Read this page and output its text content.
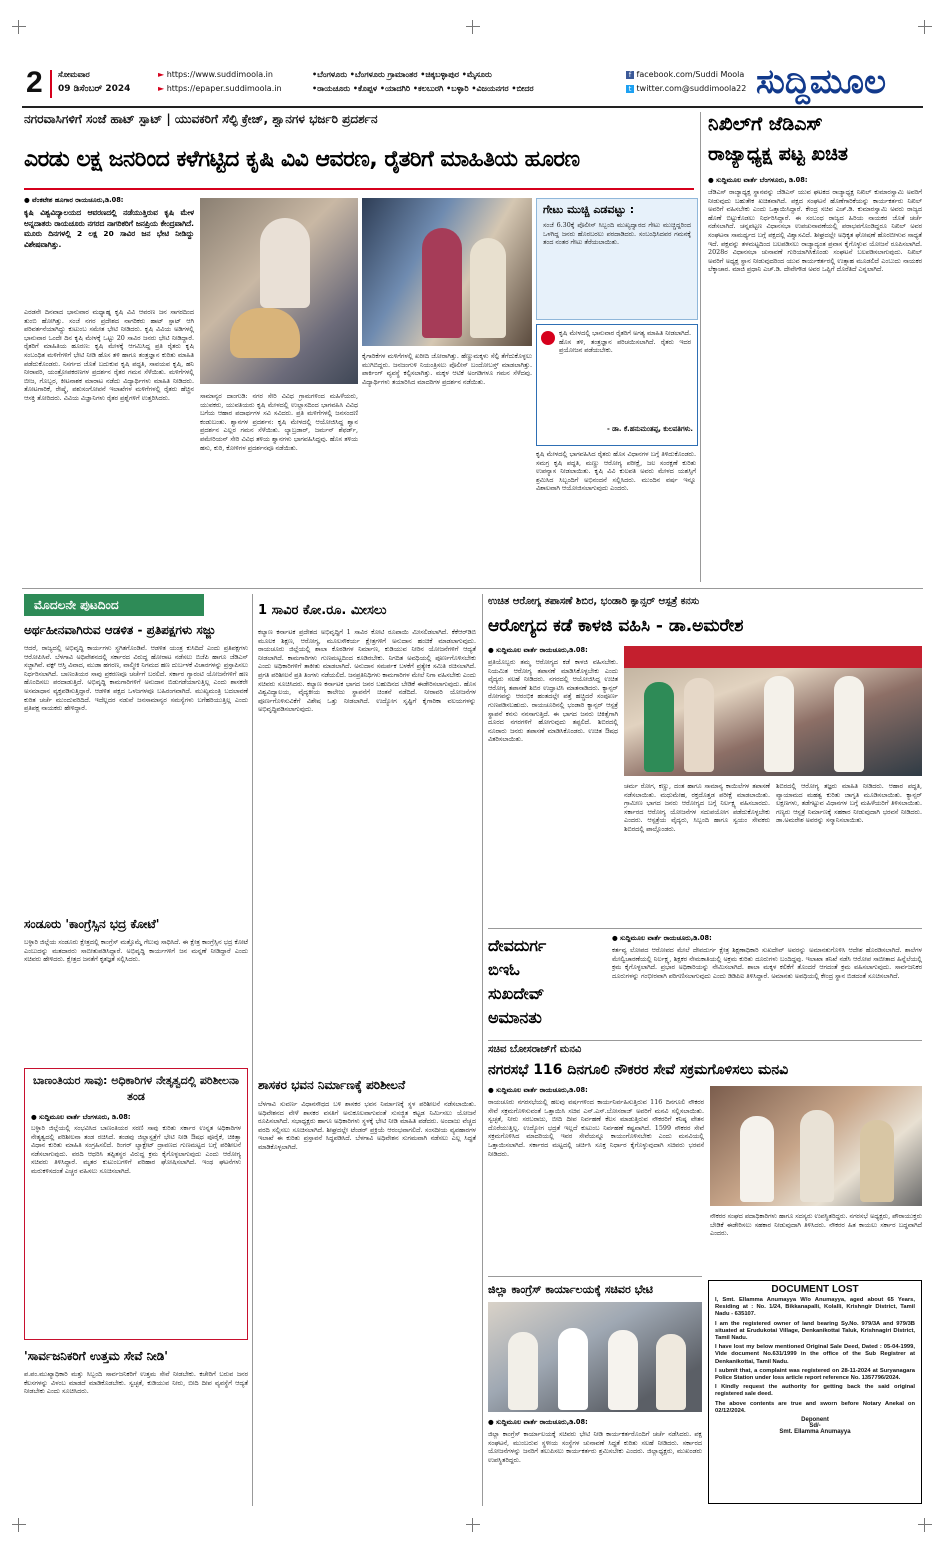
2 ಸೋಮವಾರ
09 ಡಿಸೆಂಬರ್ 2024
► https://www.suddimoola.in
► https://epaper.suddimoola.in
•ಬೆಂಗಳೂರು •ಬೆಂಗಳೂರು ಗ್ರಾಮಾಂತರ •ಚಿಕ್ಕಬಳ್ಳಾಪುರ •ಮೈಸೂರು
•ರಾಯಚೂರು •ಕೊಪ್ಪಳ •ಯಾದಗಿರಿ •ಕಲಬುರಗಿ •ಬಳ್ಳಾರಿ •ವಿಜಯನಗರ •ಬೀದರ
f facebook.com/Suddi Moola
t twitter.com@suddimoola22 ಸುದ್ದಿಮೂಲ
ನಗರವಾಸಿಗಳಿಗೆ ಸಂಜೆ ಹಾಟ್ ಸ್ಪಾಟ್ | ಯುವಕರಿಗೆ ಸೆಲ್ಫಿ ಕ್ರೇಜ್, ಶ್ವಾನಗಳ ಭರ್ಜರಿ ಪ್ರದರ್ಶನ
ಎರಡು ಲಕ್ಷ ಜನರಿಂದ ಕಳೆಗಟ್ಟಿದ ಕೃಷಿ ವಿವಿ ಆವರಣ, ರೈತರಿಗೆ ಮಾಹಿತಿಯ ಹೂರಣ
● ವೆಂಕಟೇಶ ಹೂಗಾರ ರಾಯಚೂರು,ಡಿ.08:
ಕೃಷಿ ವಿಶ್ವವಿದ್ಯಾಲಯದ ಆವರಣದಲ್ಲಿ ನಡೆಯುತ್ತಿರುವ ಕೃಷಿ ಮೇಳ ಅನ್ನದಾತರು ರಾಯಚೂರು ನಗರದ ನಾಗರಿಕರಿಗೆ ಜನಪ್ರಿಯ ಕೇಂದ್ರವಾಗಿದೆ. ಮೂರು ದಿನಗಳಲ್ಲಿ 2 ಲಕ್ಷ 20 ಸಾವಿರ ಜನ ಭೇಟಿ ನೀಡಿದ್ದು ವಿಶೇಷವಾಗಿತ್ತು.
ಎರಡನೇ ದಿನವಾದ ಭಾನುವಾರ ಮಧ್ಯಾಹ್ನ ಕೃಷಿ ವಿವಿ ಆವರಣ ಜನ ಸಾಗರದಿಂದ ತುಂಬಿ ಹೋಗಿತ್ತು. ಸಂಜೆ ನಗರ ಪ್ರದೇಶದ ನಾಗರಿಕರು ಹಾಟ್ ಸ್ಪಾಟ್ ಆಗಿ ಪರಿವರ್ತನೆಯಾಗಿದ್ದು ಕುಟುಂಬ ಸಮೇತ ಭೇಟಿ ನೀಡಿದರು. ಕೃಷಿ ವಿವಿಯ ಅಡಿಗಳಲ್ಲಿ ಭಾನುವಾರ ಒಂದೇ ದಿನ ಕೃಷಿ ಮೇಳಕ್ಕೆ ಒಟ್ಟು 20 ಸಾವಿರ ಜನರು ಭೇಟಿ ನೀಡಿದ್ದಾರೆ. ರೈತರಿಗೆ ಮಾಹಿತಿಯ ಹೂರಣ: ಕೃಷಿ ಮೇಳಕ್ಕೆ ಆಗಮಿಸಿದ್ದ ಪ್ರತಿ ರೈತರು ಕೃಷಿ ಸಂಬಂಧಿತ ಮಳಿಗೆಗಳಿಗೆ ಭೇಟಿ ನೀಡಿ ಹೊಸ ತಳಿ ಹಾಗೂ ತಂತ್ರಜ್ಞಾನ ಕುರಿತು ಮಾಹಿತಿ ಪಡೆದುಕೊಂಡರು. ನಿಸರ್ಗದ ಜೊತೆ ಬದುಕುವ ಕೃಷಿ ಪದ್ಧತಿ, ಸಾವಯವ ಕೃಷಿ, ಹನಿ ನೀರಾವರಿ, ಯಂತ್ರೋಪಕರಣಗಳ ಪ್ರದರ್ಶನ ರೈತರ ಗಮನ ಸೆಳೆಯಿತು. ಮಳಿಗೆಗಳಲ್ಲಿ ಬೀಜ, ಗೊಬ್ಬರ, ಕೀಟನಾಶಕ ಮಾರಾಟ ನಡೆದು ವಿದ್ಯಾರ್ಥಿಗಳು ಮಾಹಿತಿ ನೀಡಿದರು. ತೋಟಗಾರಿಕೆ, ರೇಷ್ಮೆ, ಪಶುಸಂಗೋಪನೆ ಇಲಾಖೆಗಳ ಮಳಿಗೆಗಳಲ್ಲಿ ರೈತರು ಹೆಚ್ಚಿನ ಆಸಕ್ತಿ ತೋರಿದರು. ವಿವಿಯ ವಿಜ್ಞಾನಿಗಳು ರೈತರ ಪ್ರಶ್ನೆಗಳಿಗೆ ಉತ್ತರಿಸಿದರು.	ಸಾಮಾನ್ಯರ ದಾಂಗುಡಿ: ನಗರ ಸೇರಿ ವಿವಿಧ ಗ್ರಾಮಗಳಿಂದ ಮಹಿಳೆಯರು, ಯುವಕರು, ಯುವತಿಯರು ಕೃಷಿ ಮೇಳದಲ್ಲಿ ಉಲ್ಲಾಸದಿಂದ ಭಾಗವಹಿಸಿ ವಿವಿಧ ಬಗೆಯ ಆಹಾರ ಪದಾರ್ಥಗಳ ಸವಿ ಸವಿದರು. ಪ್ರತಿ ಮಳಿಗೆಗಳಲ್ಲಿ ಜನಸಂದಣಿ ಕಂಡುಬಂತು. ಶ್ವಾನಗಳ ಪ್ರದರ್ಶನ: ಕೃಷಿ ಮೇಳದಲ್ಲಿ ಆಯೋಜಿಸಿದ್ದ ಶ್ವಾನ ಪ್ರದರ್ಶನ ಎಲ್ಲರ ಗಮನ ಸೆಳೆಯಿತು. ಲ್ಯಾಬ್ರಡಾರ್, ಜರ್ಮನ್ ಶೆಫರ್ಡ್, ಪಮೇರಿಯನ್ ಸೇರಿ ವಿವಿಧ ತಳಿಯ ಶ್ವಾನಗಳು ಭಾಗವಹಿಸಿದ್ದವು. ಹೊಸ ತಳಿಯ ಹಸು, ಕುರಿ, ಕೋಳಿಗಳ ಪ್ರದರ್ಶನವೂ ನಡೆಯಿತು.
ಕೈಗಾರಿಕೆಗಳ ಮಳಿಗೆಗಳಲ್ಲಿ ಖರೀದಿ ಜೋರಾಗಿತ್ತು. ಹೆಣ್ಣುಮಕ್ಕಳು ಸೆಲ್ಫಿ ತೆಗೆದುಕೊಳ್ಳಲು ಮುಗಿಬಿದ್ದರು. ಜನಜಂಗುಳಿ ನಿಯಂತ್ರಿಸಲು ಪೊಲೀಸ್ ಬಂದೋಬಸ್ತ್ ಮಾಡಲಾಗಿತ್ತು. ಪಾರ್ಕಿಂಗ್ ವ್ಯವಸ್ಥೆ ಕಲ್ಪಿಸಲಾಗಿತ್ತು. ಮಕ್ಕಳ ಆಟಿಕೆ ಅಂಗಡಿಗಳೂ ಗಮನ ಸೆಳೆದವು. ವಿದ್ಯಾರ್ಥಿಗಳು ತಯಾರಿಸಿದ ಮಾದರಿಗಳ ಪ್ರದರ್ಶನ ನಡೆಯಿತು.
ಗೇಟು ಮುಚ್ಚಿ ಎಡವಟ್ಟು :
ಸಂಜೆ 6.30ಕ್ಕೆ ಪೊಲೀಸ್ ಸಿಬ್ಬಂದಿ ಮುಖ್ಯದ್ವಾರದ ಗೇಟು ಮುಚ್ಚಿದ್ದರಿಂದ ಒಳಗಿದ್ದ ಜನರು ಹೊರಬರಲು ಪರದಾಡಿದರು. ಸಂಬಂಧಿಸಿದವರ ಗಮನಕ್ಕೆ ತಂದ ನಂತರ ಗೇಟು ತೆರೆಯಲಾಯಿತು.
ಕೃಷಿ ಮೇಳದಲ್ಲಿ ಭಾನುವಾರ ರೈತರಿಗೆ ಅಗತ್ಯ ಮಾಹಿತಿ ನೀಡಲಾಗಿದೆ. ಹೊಸ ತಳಿ, ತಂತ್ರಜ್ಞಾನ ಪರಿಚಯಿಸಲಾಗಿದೆ. ರೈತರು ಇದರ ಪ್ರಯೋಜನ ಪಡೆಯಬೇಕು.
- ಡಾ. ಕೆ.ಹನುಮಂತಪ್ಪ, ಕುಲಪತಿಗಳು.
ಕೃಷಿ ಮೇಳದಲ್ಲಿ ಭಾಗವಹಿಸಿದ ರೈತರು ಹೊಸ ವಿಧಾನಗಳ ಬಗ್ಗೆ ತಿಳಿದುಕೊಂಡರು. ಸಮಗ್ರ ಕೃಷಿ ಪದ್ಧತಿ, ಮಣ್ಣು ಆರೋಗ್ಯ ಪರೀಕ್ಷೆ, ಜಲ ಸಂರಕ್ಷಣೆ ಕುರಿತು ಉಪನ್ಯಾಸ ನೀಡಲಾಯಿತು. ಕೃಷಿ ವಿವಿ ಕುಲಪತಿ ಅವರು ಮೇಳದ ಯಶಸ್ಸಿಗೆ ಶ್ರಮಿಸಿದ ಸಿಬ್ಬಂದಿಗೆ ಅಭಿನಂದನೆ ಸಲ್ಲಿಸಿದರು. ಮುಂದಿನ ವರ್ಷ ಇನ್ನೂ ವಿಶಾಲವಾಗಿ ಆಯೋಜಿಸಲಾಗುವುದು ಎಂದರು.
ನಿಖಿಲ್‌ಗೆ ಜೆಡಿಎಸ್
ರಾಜ್ಯಾಧ್ಯಕ್ಷ ಪಟ್ಟ ಖಚಿತ
● ಸುದ್ದಿಮೂಲ ವಾರ್ತೆ ಬೆಂಗಳೂರು, ಡಿ.08:
ಜೆಡಿಎಸ್ ರಾಜ್ಯಾಧ್ಯಕ್ಷ ಸ್ಥಾನವನ್ನು ಜೆಡಿಎಸ್ ಯುವ ಘಟಕದ ರಾಜ್ಯಾಧ್ಯಕ್ಷ ನಿಖಿಲ್ ಕುಮಾರಸ್ವಾಮಿ ಅವರಿಗೆ ನೀಡುವುದು ಬಹುತೇಕ ಖಚಿತವಾಗಿದೆ. ಪಕ್ಷದ ಸಂಘಟನೆ ಹೊಣೆಗಾರಿಕೆಯನ್ನು ಕಾರ್ಯಕರ್ತರು ನಿಖಿಲ್ ಅವರಿಗೆ ವಹಿಸಬೇಕು ಎಂದು ಒತ್ತಾಯಿಸಿದ್ದಾರೆ. ಕೇಂದ್ರ ಸಚಿವ ಎಚ್.ಡಿ. ಕುಮಾರಸ್ವಾಮಿ ಅವರು ರಾಜ್ಯದ ಹೊಣೆ ಬಿಟ್ಟುಕೊಡಲು ನಿರ್ಧರಿಸಿದ್ದಾರೆ. ಈ ಸಂಬಂಧ ರಾಜ್ಯದ ಹಿರಿಯ ನಾಯಕರ ಜೊತೆ ಚರ್ಚೆ ನಡೆಸಲಾಗಿದೆ. ಚನ್ನಪಟ್ಟಣ ವಿಧಾನಸಭಾ ಉಪಚುನಾವಣೆಯಲ್ಲಿ ಪರಾಭವಗೊಂಡಿದ್ದರೂ ನಿಖಿಲ್ ಅವರ ಸಂಘಟನಾ ಸಾಮರ್ಥ್ಯದ ಬಗ್ಗೆ ಪಕ್ಷದಲ್ಲಿ ವಿಶ್ವಾಸವಿದೆ. ಶೀಘ್ರದಲ್ಲೇ ಅಧಿಕೃತ ಘೋಷಣೆ ಹೊರಬೀಳುವ ಸಾಧ್ಯತೆ ಇದೆ. ಪಕ್ಷವನ್ನು ತಳಮಟ್ಟದಿಂದ ಬಲಪಡಿಸಲು ರಾಜ್ಯಾದ್ಯಂತ ಪ್ರವಾಸ ಕೈಗೊಳ್ಳುವ ಯೋಜನೆ ರೂಪಿಸಲಾಗಿದೆ. 2028ರ ವಿಧಾನಸಭಾ ಚುನಾವಣೆ ಗುರಿಯಾಗಿಸಿಕೊಂಡು ಸಂಘಟನೆ ಬಲಪಡಿಸಲಾಗುವುದು. ನಿಖಿಲ್ ಅವರಿಗೆ ಅಧ್ಯಕ್ಷ ಸ್ಥಾನ ನೀಡುವುದರಿಂದ ಯುವ ಕಾರ್ಯಕರ್ತರಲ್ಲಿ ಉತ್ಸಾಹ ಮೂಡಲಿದೆ ಎಂಬುದು ನಾಯಕರ ಲೆಕ್ಕಾಚಾರ. ಮಾಜಿ ಪ್ರಧಾನಿ ಎಚ್.ಡಿ. ದೇವೇಗೌಡ ಅವರ ಒಪ್ಪಿಗೆ ದೊರೆತಿದೆ ಎನ್ನಲಾಗಿದೆ.
ಮೊದಲನೇ ಪುಟದಿಂದ
ಅರ್ಥಹೀನವಾಗಿರುವ ಆಡಳಿತ - ಪ್ರತಿಪಕ್ಷಗಳು ಸಜ್ಜು
ಆದರೆ, ರಾಜ್ಯದಲ್ಲಿ ಅಭಿವೃದ್ಧಿ ಕಾರ್ಯಗಳು ಸ್ಥಗಿತಗೊಂಡಿವೆ. ಆಡಳಿತ ಯಂತ್ರ ಕುಸಿದಿದೆ ಎಂದು ಪ್ರತಿಪಕ್ಷಗಳು ಆರೋಪಿಸಿವೆ. ಬೆಳಗಾವಿ ಅಧಿವೇಶನದಲ್ಲಿ ಸರ್ಕಾರದ ವಿರುದ್ಧ ಹೋರಾಟ ನಡೆಸಲು ಬಿಜೆಪಿ ಹಾಗೂ ಜೆಡಿಎಸ್ ಸಜ್ಜಾಗಿವೆ. ವಕ್ಫ್ ಆಸ್ತಿ ವಿವಾದ, ಮುಡಾ ಹಗರಣ, ವಾಲ್ಮೀಕಿ ನಿಗಮದ ಹಣ ದುರ್ಬಳಕೆ ವಿಚಾರಗಳನ್ನು ಪ್ರಸ್ತಾಪಿಸಲು ನಿರ್ಧರಿಸಲಾಗಿದೆ. ಬಾಣಂತಿಯರ ಸಾವು ಪ್ರಕರಣವೂ ಚರ್ಚೆಗೆ ಬರಲಿದೆ. ಸರ್ಕಾರ ಗ್ಯಾರಂಟಿ ಯೋಜನೆಗಳಿಗೆ ಹಣ ಹೊಂದಿಸಲು ಪರದಾಡುತ್ತಿದೆ. ಅಭಿವೃದ್ಧಿ ಕಾಮಗಾರಿಗಳಿಗೆ ಅನುದಾನ ಬಿಡುಗಡೆಯಾಗುತ್ತಿಲ್ಲ ಎಂದು ಶಾಸಕರೇ ಅಸಮಾಧಾನ ವ್ಯಕ್ತಪಡಿಸುತ್ತಿದ್ದಾರೆ. ಆಡಳಿತ ಪಕ್ಷದ ಒಳಜಗಳವೂ ಬಹಿರಂಗವಾಗಿದೆ. ಮುಖ್ಯಮಂತ್ರಿ ಬದಲಾವಣೆ ಕುರಿತ ಚರ್ಚೆ ಮುಂದುವರಿದಿದೆ. ಇದೆಲ್ಲದರ ನಡುವೆ ಜನಸಾಮಾನ್ಯರ ಸಮಸ್ಯೆಗಳು ಬಗೆಹರಿಯುತ್ತಿಲ್ಲ ಎಂದು ಪ್ರತಿಪಕ್ಷ ನಾಯಕರು ಹೇಳಿದ್ದಾರೆ.
ಸಂಡೂರು 'ಕಾಂಗ್ರೆಸ್ಸಿನ ಭದ್ರ ಕೋಟೆ'
ಬಳ್ಳಾರಿ ಜಿಲ್ಲೆಯ ಸಂಡೂರು ಕ್ಷೇತ್ರದಲ್ಲಿ ಕಾಂಗ್ರೆಸ್ ಮತ್ತೊಮ್ಮೆ ಗೆಲುವು ಸಾಧಿಸಿದೆ. ಈ ಕ್ಷೇತ್ರ ಕಾಂಗ್ರೆಸ್ಸಿನ ಭದ್ರ ಕೋಟೆ ಎಂಬುದನ್ನು ಮತದಾರರು ಸಾಬೀತುಪಡಿಸಿದ್ದಾರೆ. ಅಭಿವೃದ್ಧಿ ಕಾರ್ಯಗಳಿಗೆ ಜನ ಮನ್ನಣೆ ನೀಡಿದ್ದಾರೆ ಎಂದು ಸಚಿವರು ಹೇಳಿದರು. ಕ್ಷೇತ್ರದ ಜನತೆಗೆ ಕೃತಜ್ಞತೆ ಸಲ್ಲಿಸಿದರು.
ಬಾಣಂತಿಯರ ಸಾವು: ಅಧಿಕಾರಿಗಳ ನೇತೃತ್ವದಲ್ಲಿ ಪರಿಶೀಲನಾ ತಂಡ
● ಸುದ್ದಿಮೂಲ ವಾರ್ತೆ ಬೆಂಗಳೂರು, ಡಿ.08:
ಬಳ್ಳಾರಿ ಜಿಲ್ಲೆಯಲ್ಲಿ ಸಂಭವಿಸಿದ ಬಾಣಂತಿಯರ ಸರಣಿ ಸಾವು ಕುರಿತು ಸರ್ಕಾರ ಉನ್ನತ ಅಧಿಕಾರಿಗಳ ನೇತೃತ್ವದಲ್ಲಿ ಪರಿಶೀಲನಾ ತಂಡ ರಚಿಸಿದೆ. ತಂಡವು ಜಿಲ್ಲಾಸ್ಪತ್ರೆಗೆ ಭೇಟಿ ನೀಡಿ ಔಷಧ ಪೂರೈಕೆ, ಚಿಕಿತ್ಸಾ ವಿಧಾನ ಕುರಿತು ಮಾಹಿತಿ ಸಂಗ್ರಹಿಸಲಿದೆ. ರಿಂಗರ್ ಲ್ಯಾಕ್ಟೇಟ್ ದ್ರಾವಣದ ಗುಣಮಟ್ಟದ ಬಗ್ಗೆ ಪರಿಶೀಲನೆ ನಡೆಸಲಾಗುವುದು. ವರದಿ ಆಧರಿಸಿ ತಪ್ಪಿತಸ್ಥರ ವಿರುದ್ಧ ಕ್ರಮ ಕೈಗೊಳ್ಳಲಾಗುವುದು ಎಂದು ಆರೋಗ್ಯ ಸಚಿವರು ತಿಳಿಸಿದ್ದಾರೆ. ಮೃತರ ಕುಟುಂಬಗಳಿಗೆ ಪರಿಹಾರ ಘೋಷಿಸಲಾಗಿದೆ. ಇಂಥ ಘಟನೆಗಳು ಮರುಕಳಿಸದಂತೆ ಎಚ್ಚರ ವಹಿಸಲು ಸೂಚಿಸಲಾಗಿದೆ.
'ಸಾರ್ವಜನಿಕರಿಗೆ ಉತ್ತಮ ಸೇವೆ ನೀಡಿ'
ಪ.ಪಂ.ಮುಖ್ಯಾಧಿಕಾರಿ ಮತ್ತು ಸಿಬ್ಬಂದಿ ಸಾರ್ವಜನಿಕರಿಗೆ ಉತ್ತಮ ಸೇವೆ ನೀಡಬೇಕು. ಕಚೇರಿಗೆ ಬರುವ ಜನರ ಕೆಲಸಗಳನ್ನು ವಿಳಂಬ ಮಾಡದೆ ಮಾಡಿಕೊಡಬೇಕು. ಸ್ವಚ್ಛತೆ, ಕುಡಿಯುವ ನೀರು, ಬೀದಿ ದೀಪ ವ್ಯವಸ್ಥೆಗೆ ಆದ್ಯತೆ ನೀಡಬೇಕು ಎಂದು ಸೂಚಿಸಿದರು.
1 ಸಾವಿರ ಕೋ.ರೂ. ಮೀಸಲು
ಕಲ್ಯಾಣ ಕರ್ನಾಟಕ ಪ್ರದೇಶದ ಅಭಿವೃದ್ಧಿಗೆ 1 ಸಾವಿರ ಕೋಟಿ ರೂಪಾಯಿ ಮೀಸಲಿಡಲಾಗಿದೆ. ಕೆಕೆಆರ್‌ಡಿಬಿ ಮೂಲಕ ಶಿಕ್ಷಣ, ಆರೋಗ್ಯ, ಮೂಲಸೌಕರ್ಯ ಕ್ಷೇತ್ರಗಳಿಗೆ ಅನುದಾನ ಹಂಚಿಕೆ ಮಾಡಲಾಗುವುದು. ರಾಯಚೂರು ಜಿಲ್ಲೆಯಲ್ಲಿ ಶಾಲಾ ಕೊಠಡಿಗಳ ನಿರ್ಮಾಣ, ಕುಡಿಯುವ ನೀರಿನ ಯೋಜನೆಗಳಿಗೆ ಆದ್ಯತೆ ನೀಡಲಾಗಿದೆ. ಕಾಮಗಾರಿಗಳು ಗುಣಮಟ್ಟದಿಂದ ಕೂಡಿರಬೇಕು. ನಿಗದಿತ ಅವಧಿಯಲ್ಲಿ ಪೂರ್ಣಗೊಳಿಸಬೇಕು ಎಂದು ಅಧಿಕಾರಿಗಳಿಗೆ ತಾಕೀತು ಮಾಡಲಾಗಿದೆ. ಅನುದಾನ ಸಮರ್ಪಕ ಬಳಕೆಗೆ ಪ್ರತ್ಯೇಕ ಸಮಿತಿ ರಚಿಸಲಾಗಿದೆ. ಪ್ರಗತಿ ಪರಿಶೀಲನೆ ಪ್ರತಿ ತಿಂಗಳು ನಡೆಯಲಿದೆ. ಜನಪ್ರತಿನಿಧಿಗಳು ಕಾಮಗಾರಿಗಳ ಮೇಲೆ ನಿಗಾ ವಹಿಸಬೇಕು ಎಂದು ಸಚಿವರು ಸೂಚಿಸಿದರು. ಕಲ್ಯಾಣ ಕರ್ನಾಟಕ ಭಾಗದ ಜನರ ಬಹುದಿನದ ಬೇಡಿಕೆ ಈಡೇರಿಸಲಾಗುವುದು. ಹೊಸ ವಿಶ್ವವಿದ್ಯಾಲಯ, ವೈದ್ಯಕೀಯ ಕಾಲೇಜು ಸ್ಥಾಪನೆಗೆ ಚಿಂತನೆ ನಡೆದಿದೆ. ನೀರಾವರಿ ಯೋಜನೆಗಳ ಪೂರ್ಣಗೊಳಿಸುವಿಕೆಗೆ ವಿಶೇಷ ಒತ್ತು ನೀಡಲಾಗಿದೆ. ಉದ್ಯೋಗ ಸೃಷ್ಟಿಗೆ ಕೈಗಾರಿಕಾ ವಲಯಗಳನ್ನು ಅಭಿವೃದ್ಧಿಪಡಿಸಲಾಗುವುದು.
ಶಾಸಕರ ಭವನ ನಿರ್ಮಾಣಕ್ಕೆ ಪರಿಶೀಲನೆ
ಬೆಳಗಾವಿ ಸುವರ್ಣ ವಿಧಾನಸೌಧದ ಬಳಿ ಶಾಸಕರ ಭವನ ನಿರ್ಮಾಣಕ್ಕೆ ಸ್ಥಳ ಪರಿಶೀಲನೆ ನಡೆಸಲಾಯಿತು. ಅಧಿವೇಶನದ ವೇಳೆ ಶಾಸಕರ ವಸತಿಗೆ ಅನುಕೂಲವಾಗುವಂತೆ ಸುಸಜ್ಜಿತ ಕಟ್ಟಡ ನಿರ್ಮಿಸಲು ಯೋಜನೆ ರೂಪಿಸಲಾಗಿದೆ. ಸಭಾಧ್ಯಕ್ಷರು ಹಾಗೂ ಅಧಿಕಾರಿಗಳು ಸ್ಥಳಕ್ಕೆ ಭೇಟಿ ನೀಡಿ ಮಾಹಿತಿ ಪಡೆದರು. ಅಂದಾಜು ವೆಚ್ಚದ ವರದಿ ಸಲ್ಲಿಸಲು ಸೂಚಿಸಲಾಗಿದೆ. ಶೀಘ್ರದಲ್ಲೇ ಟೆಂಡರ್ ಪ್ರಕ್ರಿಯೆ ಆರಂಭವಾಗಲಿದೆ. ಸಂಸದೀಯ ವ್ಯವಹಾರಗಳ ಇಲಾಖೆ ಈ ಕುರಿತು ಪ್ರಸ್ತಾವನೆ ಸಿದ್ಧಪಡಿಸಿದೆ. ಬೆಳಗಾವಿ ಅಧಿವೇಶನ ಸುಗಮವಾಗಿ ನಡೆಸಲು ಎಲ್ಲ ಸಿದ್ಧತೆ ಮಾಡಿಕೊಳ್ಳಲಾಗಿದೆ.
ಉಚಿತ ಆರೋಗ್ಯ ತಪಾಸಣೆ ಶಿಬಿರ, ಭಂಡಾರಿ ಕ್ಯಾನ್ಸರ್ ಆಸ್ಪತ್ರೆ ಕನಸು
ಆರೋಗ್ಯದ ಕಡೆ ಕಾಳಜಿ ವಹಿಸಿ - ಡಾ.ಅಮರೇಶ
● ಸುದ್ದಿಮೂಲ ವಾರ್ತೆ ರಾಯಚೂರು,ಡಿ.08:
ಪ್ರತಿಯೊಬ್ಬರು ತಮ್ಮ ಆರೋಗ್ಯದ ಕಡೆ ಕಾಳಜಿ ವಹಿಸಬೇಕು. ನಿಯಮಿತ ಆರೋಗ್ಯ ತಪಾಸಣೆ ಮಾಡಿಸಿಕೊಳ್ಳಬೇಕು ಎಂದು ವೈದ್ಯರು ಸಲಹೆ ನೀಡಿದರು. ನಗರದಲ್ಲಿ ಆಯೋಜಿಸಿದ್ದ ಉಚಿತ ಆರೋಗ್ಯ ತಪಾಸಣೆ ಶಿಬಿರ ಉದ್ಘಾಟಿಸಿ ಮಾತನಾಡಿದರು. ಕ್ಯಾನ್ಸರ್ ರೋಗವನ್ನು ಆರಂಭಿಕ ಹಂತದಲ್ಲೇ ಪತ್ತೆ ಹಚ್ಚಿದರೆ ಸಂಪೂರ್ಣ ಗುಣಪಡಿಸಬಹುದು. ರಾಯಚೂರಿನಲ್ಲಿ ಭಂಡಾರಿ ಕ್ಯಾನ್ಸರ್ ಆಸ್ಪತ್ರೆ ಸ್ಥಾಪನೆ ಕನಸು ನನಸಾಗುತ್ತಿದೆ. ಈ ಭಾಗದ ಜನರು ಚಿಕಿತ್ಸೆಗಾಗಿ ದೂರದ ನಗರಗಳಿಗೆ ಹೋಗುವುದು ತಪ್ಪಲಿದೆ. ಶಿಬಿರದಲ್ಲಿ ನೂರಾರು ಜನರು ತಪಾಸಣೆ ಮಾಡಿಸಿಕೊಂಡರು. ಉಚಿತ ಔಷಧ ವಿತರಿಸಲಾಯಿತು.
ಚರ್ಮ ರೋಗ, ಕಣ್ಣು, ದಂತ ಹಾಗೂ ಸಾಮಾನ್ಯ ಕಾಯಿಲೆಗಳ ತಪಾಸಣೆ ನಡೆಸಲಾಯಿತು. ಮಧುಮೇಹ, ರಕ್ತದೊತ್ತಡ ಪರೀಕ್ಷೆ ಮಾಡಲಾಯಿತು. ಗ್ರಾಮೀಣ ಭಾಗದ ಜನರು ಆರೋಗ್ಯದ ಬಗ್ಗೆ ನಿರ್ಲಕ್ಷ್ಯ ವಹಿಸಬಾರದು. ಸರ್ಕಾರದ ಆರೋಗ್ಯ ಯೋಜನೆಗಳ ಸದುಪಯೋಗ ಪಡೆದುಕೊಳ್ಳಬೇಕು ಎಂದರು. ಆಸ್ಪತ್ರೆಯ ವೈದ್ಯರು, ಸಿಬ್ಬಂದಿ ಹಾಗೂ ಸ್ವಯಂ ಸೇವಕರು ಶಿಬಿರದಲ್ಲಿ ಪಾಲ್ಗೊಂಡರು.
ಶಿಬಿರದಲ್ಲಿ ಆರೋಗ್ಯ ತಜ್ಞರು ಮಾಹಿತಿ ನೀಡಿದರು. ಆಹಾರ ಪದ್ಧತಿ, ವ್ಯಾಯಾಮದ ಮಹತ್ವ ಕುರಿತು ಜಾಗೃತಿ ಮೂಡಿಸಲಾಯಿತು. ಕ್ಯಾನ್ಸರ್ ಲಕ್ಷಣಗಳು, ತಡೆಗಟ್ಟುವ ವಿಧಾನಗಳ ಬಗ್ಗೆ ಮಹಿಳೆಯರಿಗೆ ತಿಳಿಸಲಾಯಿತು. ಗಣ್ಯರು ಆಸ್ಪತ್ರೆ ನಿರ್ಮಾಣಕ್ಕೆ ಸಹಕಾರ ನೀಡುವುದಾಗಿ ಭರವಸೆ ನೀಡಿದರು. ಡಾ.ಅಮರೇಶ ಅವರನ್ನು ಸನ್ಮಾನಿಸಲಾಯಿತು.
ದೇವದುರ್ಗ
ಬಿಇಓ
ಸುಖದೇವ್
ಅಮಾನತು
● ಸುದ್ದಿಮೂಲ ವಾರ್ತೆ ರಾಯಚೂರು,ಡಿ.08:
ಕರ್ತವ್ಯ ಲೋಪದ ಆರೋಪದ ಮೇಲೆ ದೇವದುರ್ಗ ಕ್ಷೇತ್ರ ಶಿಕ್ಷಣಾಧಿಕಾರಿ ಸುಖದೇವ್ ಅವರನ್ನು ಅಮಾನತುಗೊಳಿಸಿ ಆದೇಶ ಹೊರಡಿಸಲಾಗಿದೆ. ಶಾಲೆಗಳ ಮೇಲ್ವಿಚಾರಣೆಯಲ್ಲಿ ನಿರ್ಲಕ್ಷ್ಯ, ಶಿಕ್ಷಕರ ನೇಮಕಾತಿಯಲ್ಲಿ ಅಕ್ರಮ ಕುರಿತು ದೂರುಗಳು ಬಂದಿದ್ದವು. ಇಲಾಖಾ ತನಿಖೆ ನಡೆಸಿ ಆರೋಪ ಸಾಬೀತಾದ ಹಿನ್ನೆಲೆಯಲ್ಲಿ ಕ್ರಮ ಕೈಗೊಳ್ಳಲಾಗಿದೆ. ಪ್ರಭಾರ ಅಧಿಕಾರಿಯನ್ನು ನೇಮಿಸಲಾಗಿದೆ. ಶಾಲಾ ಮಕ್ಕಳ ಕಲಿಕೆಗೆ ತೊಂದರೆ ಆಗದಂತೆ ಕ್ರಮ ವಹಿಸಲಾಗುವುದು. ಸಾರ್ವಜನಿಕರ ದೂರುಗಳನ್ನು ಗಂಭೀರವಾಗಿ ಪರಿಗಣಿಸಲಾಗುವುದು ಎಂದು ಡಿಡಿಪಿಐ ತಿಳಿಸಿದ್ದಾರೆ. ಅಮಾನತು ಅವಧಿಯಲ್ಲಿ ಕೇಂದ್ರ ಸ್ಥಾನ ಬಿಡದಂತೆ ಸೂಚಿಸಲಾಗಿದೆ.
ಸಚಿವ ಬೋಸರಾಜ್‌ಗೆ ಮನವಿ
ನಗರಸಭೆ 116 ದಿನಗೂಲಿ ನೌಕರರ ಸೇವೆ ಸಕ್ರಮಗೊಳಿಸಲು ಮನವಿ
● ಸುದ್ದಿಮೂಲ ವಾರ್ತೆ ರಾಯಚೂರು,ಡಿ.08:
ರಾಯಚೂರು ನಗರಸಭೆಯಲ್ಲಿ ಹಲವು ವರ್ಷಗಳಿಂದ ಕಾರ್ಯನಿರ್ವಹಿಸುತ್ತಿರುವ 116 ದಿನಗೂಲಿ ನೌಕರರ ಸೇವೆ ಸಕ್ರಮಗೊಳಿಸುವಂತೆ ಒತ್ತಾಯಿಸಿ ಸಚಿವ ಎನ್.ಎಸ್.ಬೋಸರಾಜ್ ಅವರಿಗೆ ಮನವಿ ಸಲ್ಲಿಸಲಾಯಿತು. ಸ್ವಚ್ಛತೆ, ನೀರು ಸರಬರಾಜು, ಬೀದಿ ದೀಪ ನಿರ್ವಹಣೆ ಕೆಲಸ ಮಾಡುತ್ತಿರುವ ನೌಕರರಿಗೆ ಕನಿಷ್ಠ ವೇತನ ದೊರೆಯುತ್ತಿಲ್ಲ. ಉದ್ಯೋಗ ಭದ್ರತೆ ಇಲ್ಲದೆ ಕುಟುಂಬ ನಿರ್ವಹಣೆ ಕಷ್ಟವಾಗಿದೆ. 1599 ನೌಕರರ ಸೇವೆ ಸಕ್ರಮಗೊಳಿಸಿದ ಮಾದರಿಯಲ್ಲಿ ಇವರ ಸೇವೆಯನ್ನೂ ಕಾಯಂಗೊಳಿಸಬೇಕು ಎಂದು ಮನವಿಯಲ್ಲಿ ಒತ್ತಾಯಿಸಲಾಗಿದೆ. ಸರ್ಕಾರದ ಮಟ್ಟದಲ್ಲಿ ಚರ್ಚಿಸಿ ಸೂಕ್ತ ನಿರ್ಧಾರ ಕೈಗೊಳ್ಳುವುದಾಗಿ ಸಚಿವರು ಭರವಸೆ ನೀಡಿದರು.
ನೌಕರರ ಸಂಘದ ಪದಾಧಿಕಾರಿಗಳು ಹಾಗೂ ಸದಸ್ಯರು ಉಪಸ್ಥಿತರಿದ್ದರು. ನಗರಸಭೆ ಅಧ್ಯಕ್ಷರು, ಪೌರಾಯುಕ್ತರು ಬೇಡಿಕೆ ಈಡೇರಿಸಲು ಸಹಕಾರ ನೀಡುವುದಾಗಿ ತಿಳಿಸಿದರು. ನೌಕರರ ಹಿತ ಕಾಯಲು ಸರ್ಕಾರ ಬದ್ಧವಾಗಿದೆ ಎಂದರು.
ಜಿಲ್ಲಾ ಕಾಂಗ್ರೆಸ್ ಕಾರ್ಯಾಲಯಕ್ಕೆ ಸಚಿವರ ಭೇಟಿ
● ಸುದ್ದಿಮೂಲ ವಾರ್ತೆ ರಾಯಚೂರು,ಡಿ.08:
ಜಿಲ್ಲಾ ಕಾಂಗ್ರೆಸ್ ಕಾರ್ಯಾಲಯಕ್ಕೆ ಸಚಿವರು ಭೇಟಿ ನೀಡಿ ಕಾರ್ಯಕರ್ತರೊಂದಿಗೆ ಚರ್ಚೆ ನಡೆಸಿದರು. ಪಕ್ಷ ಸಂಘಟನೆ, ಮುಂಬರುವ ಸ್ಥಳೀಯ ಸಂಸ್ಥೆಗಳ ಚುನಾವಣೆ ಸಿದ್ಧತೆ ಕುರಿತು ಸಲಹೆ ನೀಡಿದರು. ಸರ್ಕಾರದ ಯೋಜನೆಗಳನ್ನು ಜನರಿಗೆ ತಲುಪಿಸಲು ಕಾರ್ಯಕರ್ತರು ಶ್ರಮಿಸಬೇಕು ಎಂದರು. ಜಿಲ್ಲಾಧ್ಯಕ್ಷರು, ಮುಖಂಡರು ಉಪಸ್ಥಿತರಿದ್ದರು.
DOCUMENT LOST
I, Smt. Ellamma Anumayya W/o Anumayya, aged about 65 Years, Residing at : No. 1/24, Bikkanapalli, Kolalli, Krishngir District, Tamil Nadu - 635107.
I am the registered owner of land bearing Sy.No. 979/3A and 979/3B situated at Erudukotai Village, Denkanikottai Taluk, Krishnagiri District, Tamil Nadu.
I have lost my below mentioned Original Sale Deed, Dated : 05-04-1999, Vide document No.631/1999 in the office of the Sub Registrer at Denkanikottai, Tamil Nadu.
I submit that, a complaint was registered on 28-11-2024 at Suryanagara Police Station under loss article report reference No. 1357796/2024.
I Kindly request the authority for getting back the said original registered sale deed.
The above contents are true and sworn before Notary Anekal on 02/12/2024.
Deponent
Sd/-
Smt. Ellamma Anumayya
